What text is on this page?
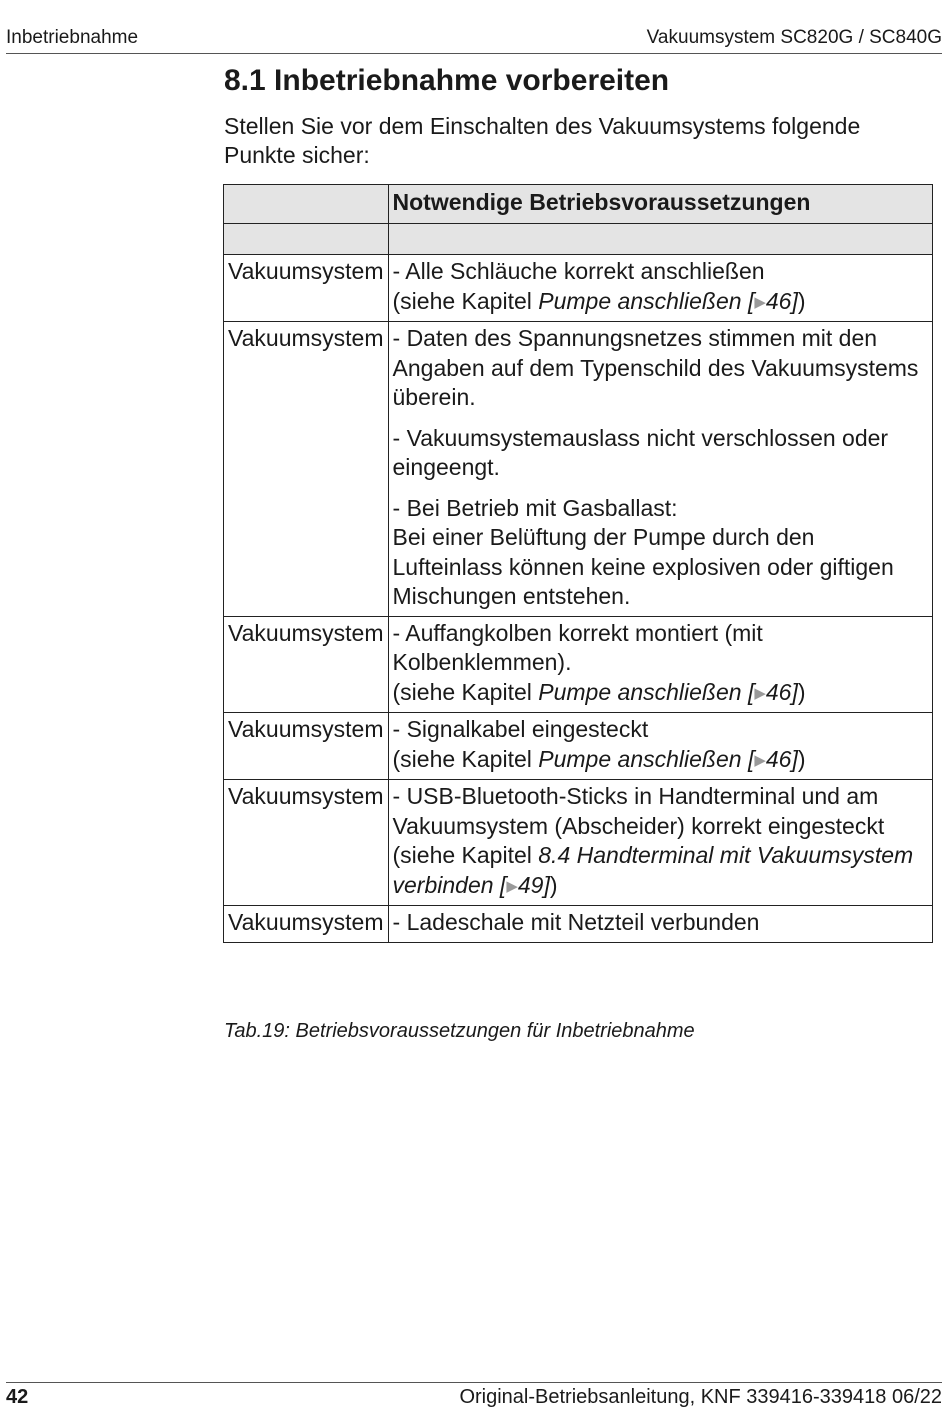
Inbetriebnahme	Vakuumsystem SC820G / SC840G
8.1 Inbetriebnahme vorbereiten

Stellen Sie vor dem Einschalten des Vakuumsystems folgende Punkte sicher:

	Notwendige Betriebsvoraussetzungen

Vakuumsystem	- Alle Schläuche korrekt anschließen
(siehe Kapitel Pumpe anschließen [▶46])

Vakuumsystem	- Daten des Spannungsnetzes stimmen mit den Angaben auf dem Typenschild des Vakuumsystems überein.
- Vakuumsystemauslass nicht verschlossen oder eingeengt.
- Bei Betrieb mit Gasballast:
Bei einer Belüftung der Pumpe durch den Lufteinlass können keine explosiven oder giftigen Mischungen entstehen.

Vakuumsystem	- Auffangkolben korrekt montiert (mit Kolbenklemmen).
(siehe Kapitel Pumpe anschließen [▶46])

Vakuumsystem	- Signalkabel eingesteckt
(siehe Kapitel Pumpe anschließen [▶46])

Vakuumsystem	- USB-Bluetooth-Sticks in Handterminal und am Vakuumsystem (Abscheider) korrekt eingesteckt
(siehe Kapitel 8.4 Handterminal mit Vakuumsystem verbinden [▶49])

Vakuumsystem	- Ladeschale mit Netzteil verbunden

Tab.19: Betriebsvoraussetzungen für Inbetriebnahme

42	Original-Betriebsanleitung, KNF 339416-339418 06/22
